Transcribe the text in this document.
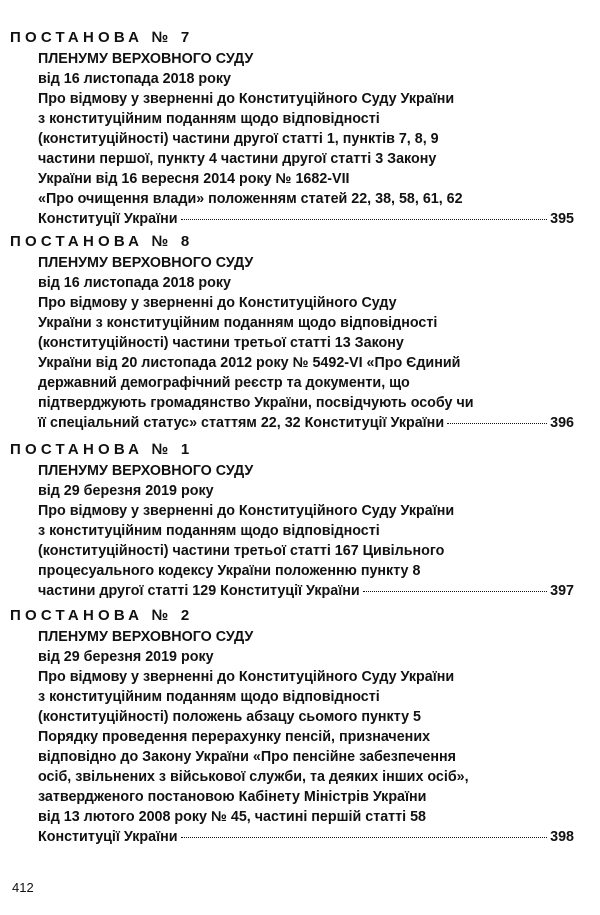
ПОСТАНОВА № 7
ПЛЕНУМУ ВЕРХОВНОГО СУДУ
від 16 листопада 2018 року
Про відмову у зверненні до Конституційного Суду України
з конституційним поданням щодо відповідності
(конституційності) частини другої статті 1, пунктів 7, 8, 9
частини першої, пункту 4 частини другої статті 3 Закону
України від 16 вересня 2014 року № 1682-VII
«Про очищення влади» положенням статей 22, 38, 58, 61, 62
Конституції України	395
ПОСТАНОВА № 8
ПЛЕНУМУ ВЕРХОВНОГО СУДУ
від 16 листопада 2018 року
Про відмову у зверненні до Конституційного Суду
України з конституційним поданням щодо відповідності
(конституційності) частини третьої статті 13 Закону
України від 20 листопада 2012 року № 5492-VI «Про Єдиний
державний демографічний реєстр та документи, що
підтверджують громадянство України, посвідчують особу чи
її спеціальний статус» статтям 22, 32 Конституції України	396
ПОСТАНОВА № 1
ПЛЕНУМУ ВЕРХОВНОГО СУДУ
від 29 березня 2019 року
Про відмову у зверненні до Конституційного Суду України
з конституційним поданням щодо відповідності
(конституційності) частини третьої статті 167 Цивільного
процесуального кодексу України положенню пункту 8
частини другої статті 129 Конституції України	397
ПОСТАНОВА № 2
ПЛЕНУМУ ВЕРХОВНОГО СУДУ
від 29 березня 2019 року
Про відмову у зверненні до Конституційного Суду України
з конституційним поданням щодо відповідності
(конституційності) положень абзацу сьомого пункту 5
Порядку проведення перерахунку пенсій, призначених
відповідно до Закону України «Про пенсійне забезпечення
осіб, звільнених з військової служби, та деяких інших осіб»,
затвердженого постановою Кабінету Міністрів України
від 13 лютого 2008 року № 45, частині першій статті 58
Конституції України	398
412
